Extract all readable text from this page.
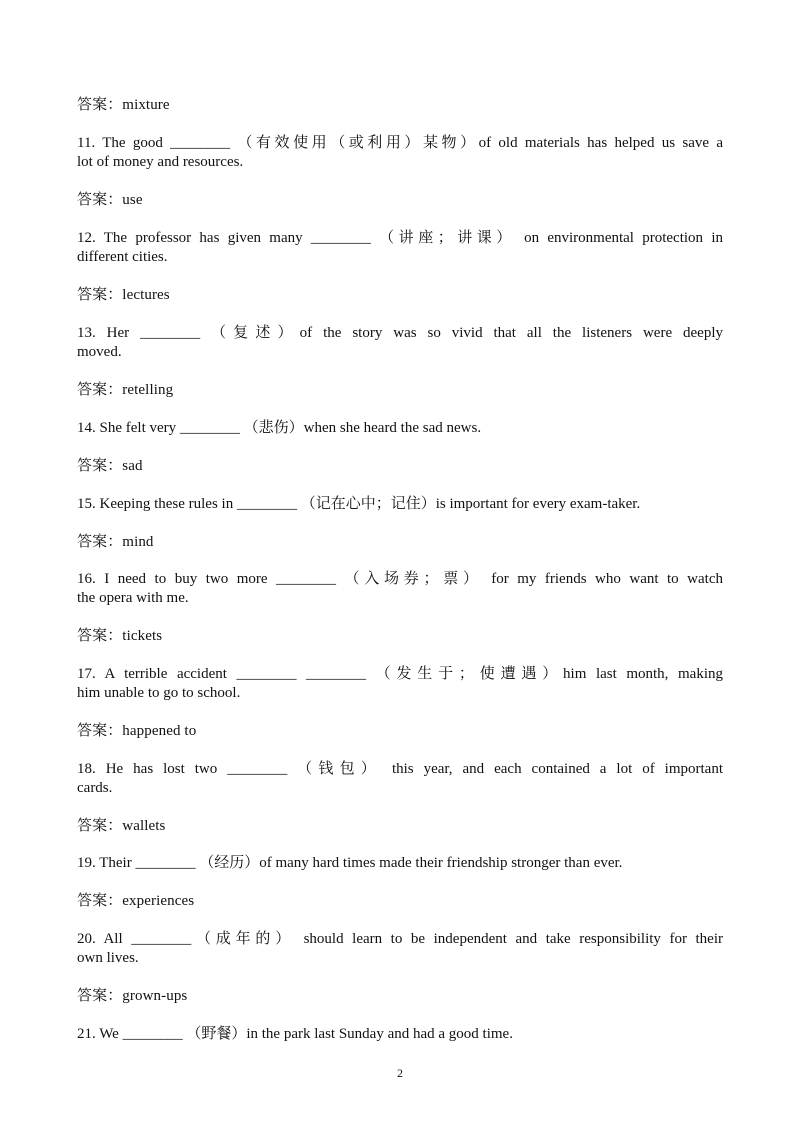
答案：mixture
11. The good ________ （有效使用（或利用）某物）of old materials has helped us save a
lot of money and resources.
答案：use
12. The professor has given many ________ （讲座；讲课） on environmental protection in
different cities.
答案：lectures
13. Her ________ （复述）of the story was so vivid that all the listeners were deeply
moved.
答案：retelling
14. She felt very ________ （悲伤）when she heard the sad news.
答案：sad
15. Keeping these rules in ________ （记在心中；记住）is important for every exam-taker.
答案：mind
16. I need to buy two more ________ （入场券；票） for my friends who want to watch
the opera with me.
答案：tickets
17. A terrible accident ________ ________ （发生于；使遭遇）him last month, making
him unable to go to school.
答案：happened to
18. He has lost two ________ （钱包） this year, and each contained a lot of important
cards.
答案：wallets
19. Their ________ （经历）of many hard times made their friendship stronger than ever.
答案：experiences
20. All ________（成年的） should learn to be independent and take responsibility for their
own lives.
答案：grown-ups
21. We ________ （野餐）in the park last Sunday and had a good time.
2
